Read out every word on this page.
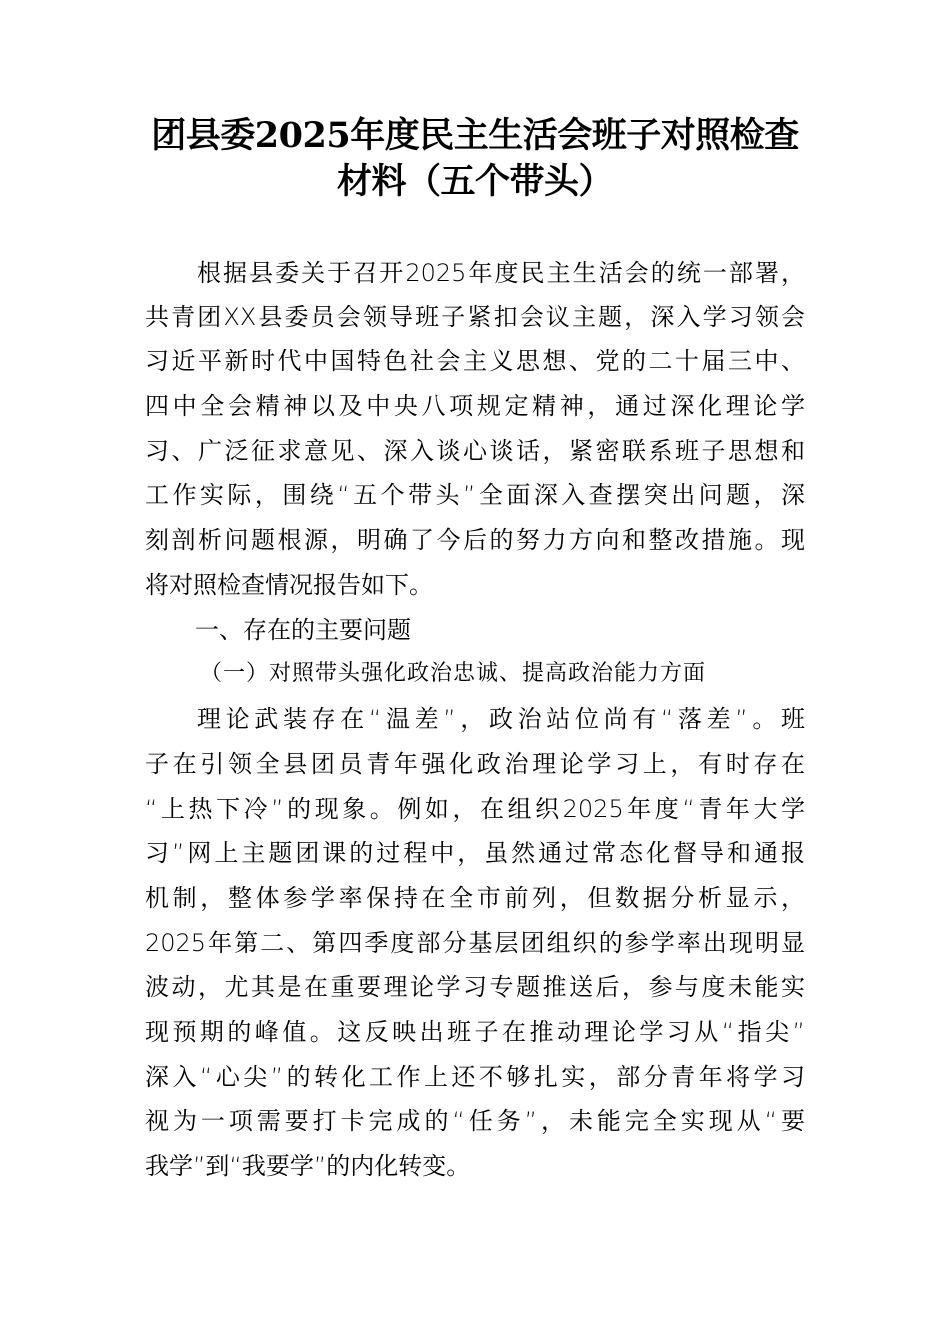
团县委2025年度民主生活会班子对照检查
材料（五个带头）
根据县委关于召开2025年度民主生活会的统一部署，
共青团XX县委员会领导班子紧扣会议主题，深入学习领会
习近平新时代中国特色社会主义思想、党的二十届三中、
四中全会精神以及中央八项规定精神，通过深化理论学
习、广泛征求意见、深入谈心谈话，紧密联系班子思想和
工作实际，围绕“五个带头”全面深入查摆突出问题，深
刻剖析问题根源，明确了今后的努力方向和整改措施。现
将对照检查情况报告如下。
一、存在的主要问题
（一）对照带头强化政治忠诚、提高政治能力方面
理论武装存在“温差”，政治站位尚有“落差”。班
子在引领全县团员青年强化政治理论学习上，有时存在
“上热下冷”的现象。例如，在组织2025年度“青年大学
习”网上主题团课的过程中，虽然通过常态化督导和通报
机制，整体参学率保持在全市前列，但数据分析显示，
2025年第二、第四季度部分基层团组织的参学率出现明显
波动，尤其是在重要理论学习专题推送后，参与度未能实
现预期的峰值。这反映出班子在推动理论学习从“指尖”
深入“心尖”的转化工作上还不够扎实，部分青年将学习
视为一项需要打卡完成的“任务”，未能完全实现从“要
我学”到“我要学”的内化转变。
